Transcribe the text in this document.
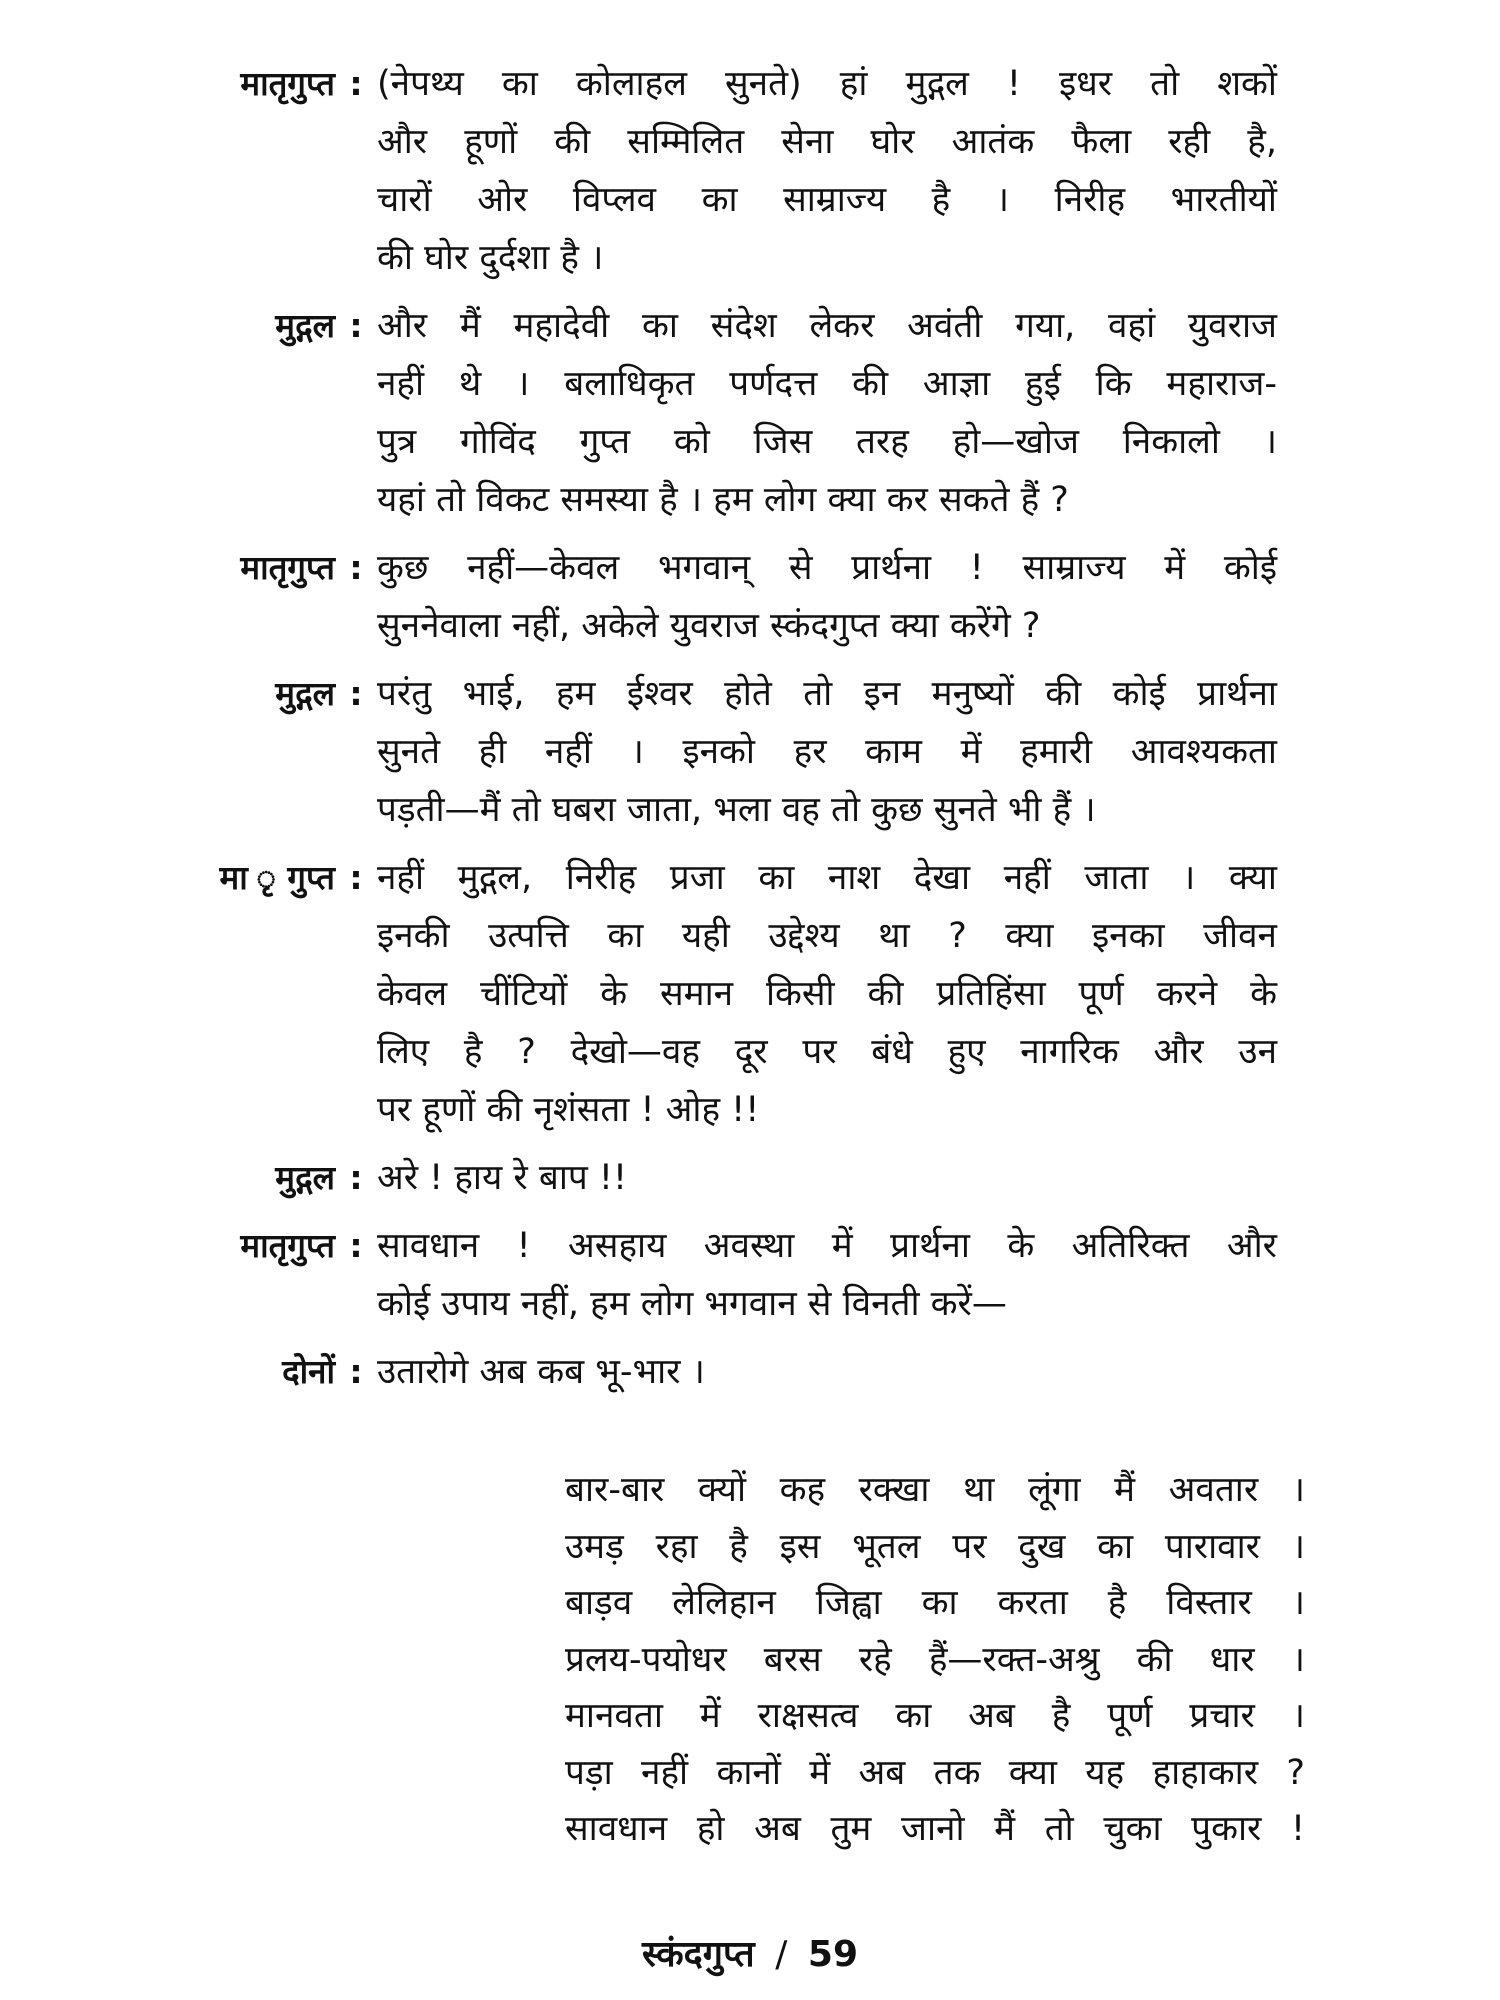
मातृगुप्त : (नेपथ्य का कोलाहल सुनते) हां मुद्गल ! इधर तो शकों
और हूणों की सम्मिलित सेना घोर आतंक फैला रही है,
चारों ओर विप्लव का साम्राज्य है । निरीह भारतीयों
की घोर दुर्दशा है ।
मुद्गल : और मैं महादेवी का संदेश लेकर अवंती गया, वहां युवराज
नहीं थे । बलाधिकृत पर्णदत्त की आज्ञा हुई कि महाराज-
पुत्र गोविंद गुप्त को जिस तरह हो—खोज निकालो ।
यहां तो विकट समस्या है । हम लोग क्या कर सकते हैं ?
मातृगुप्त : कुछ नहीं—केवल भगवान् से प्रार्थना ! साम्राज्य में कोई
सुननेवाला नहीं, अकेले युवराज स्कंदगुप्त क्या करेंगे ?
मुद्गल : परंतु भाई, हम ईश्वर होते तो इन मनुष्यों की कोई प्रार्थना
सुनते ही नहीं । इनको हर काम में हमारी आवश्यकता
पड़ती—मैं तो घबरा जाता, भला वह तो कुछ सुनते भी हैं ।
मा ृ गुप्त : नहीं मुद्गल, निरीह प्रजा का नाश देखा नहीं जाता । क्या
इनकी उत्पत्ति का यही उद्देश्य था ? क्या इनका जीवन
केवल चींटियों के समान किसी की प्रतिहिंसा पूर्ण करने के
लिए है ? देखो—वह दूर पर बंधे हुए नागरिक और उन
पर हूणों की नृशंसता ! ओह !!
मुद्गल : अरे ! हाय रे बाप !!
मातृगुप्त : सावधान ! असहाय अवस्था में प्रार्थना के अतिरिक्त और
कोई उपाय नहीं, हम लोग भगवान से विनती करें—
दोनों : उतारोगे अब कब भू-भार ।
बार-बार क्यों कह रक्खा था लूंगा मैं अवतार ।
उमड़ रहा है इस भूतल पर दुख का पारावार ।
बाड़व लेलिहान जिह्वा का करता है विस्तार ।
प्रलय-पयोधर बरस रहे हैं—रक्त-अश्रु की धार ।
मानवता में राक्षसत्व का अब है पूर्ण प्रचार ।
पड़ा नहीं कानों में अब तक क्या यह हाहाकार ?
सावधान हो अब तुम जानो मैं तो चुका पुकार !
स्कंदगुप्त / 59
